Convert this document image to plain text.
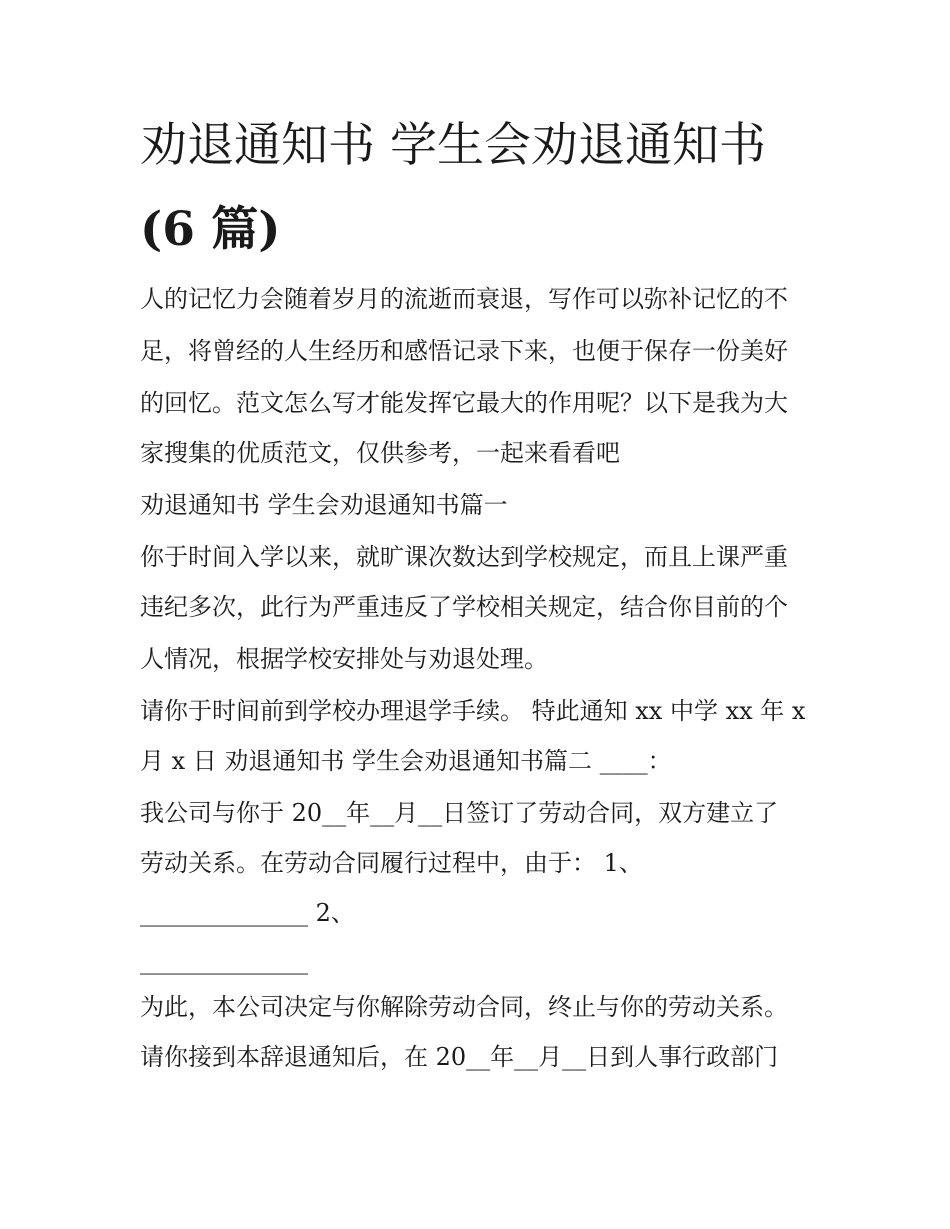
劝退通知书 学生会劝退通知书
(6 篇)

人的记忆力会随着岁月的流逝而衰退，写作可以弥补记忆的不

足，将曾经的人生经历和感悟记录下来，也便于保存一份美好

的回忆。范文怎么写才能发挥它最大的作用呢？以下是我为大

家搜集的优质范文，仅供参考，一起来看看吧

劝退通知书 学生会劝退通知书篇一

你于时间入学以来，就旷课次数达到学校规定，而且上课严重

违纪多次，此行为严重违反了学校相关规定，结合你目前的个

人情况，根据学校安排处与劝退处理。

请你于时间前到学校办理退学手续。 特此通知 xx 中学 xx 年 x

月 x 日 劝退通知书 学生会劝退通知书篇二 ____：

我公司与你于 20__年__月__日签订了劳动合同，双方建立了

劳动关系。在劳动合同履行过程中，由于： 1、

______________ 2、

______________

为此，本公司决定与你解除劳动合同，终止与你的劳动关系。

请你接到本辞退通知后，在 20__年__月__日到人事行政部门
